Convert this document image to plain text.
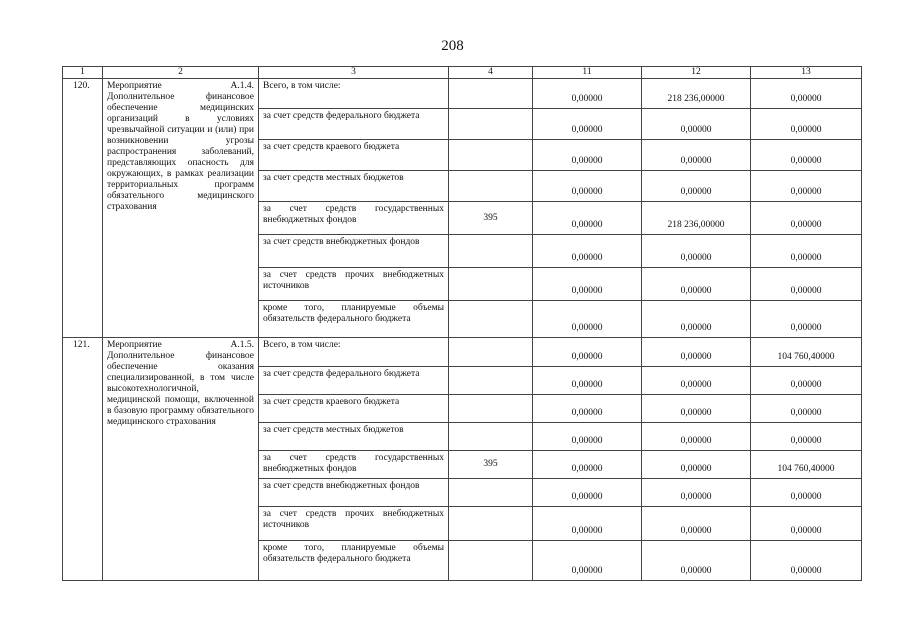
208
1	2	3	4	11	12	13
120.	Мероприятие А.1.4. Дополнительное финансовое обеспечение медицинских организаций в условиях чрезвычайной ситуации и (или) при возникновении угрозы распространения заболеваний, представляющих опасность для окружающих, в рамках реализации территориальных программ обязательного медицинского страхования	Всего, в том числе:		0,00000	218 236,00000	0,00000
		за счет средств федерального бюджета		0,00000	0,00000	0,00000
		за счет средств краевого бюджета		0,00000	0,00000	0,00000
		за счет средств местных бюджетов		0,00000	0,00000	0,00000
		за счет средств государственных внебюджетных фондов	395	0,00000	218 236,00000	0,00000
		за счет средств внебюджетных фондов		0,00000	0,00000	0,00000
		за счет средств прочих внебюджетных источников		0,00000	0,00000	0,00000
		кроме того, планируемые объемы обязательств федерального бюджета		0,00000	0,00000	0,00000
121.	Мероприятие А.1.5. Дополнительное финансовое обеспечение оказания специализированной, в том числе высокотехнологичной, медицинской помощи, включенной в базовую программу обязательного медицинского страхования	Всего, в том числе:		0,00000	0,00000	104 760,40000
		за счет средств федерального бюджета		0,00000	0,00000	0,00000
		за счет средств краевого бюджета		0,00000	0,00000	0,00000
		за счет средств местных бюджетов		0,00000	0,00000	0,00000
		за счет средств государственных внебюджетных фондов	395	0,00000	0,00000	104 760,40000
		за счет средств внебюджетных фондов		0,00000	0,00000	0,00000
		за счет средств прочих внебюджетных источников		0,00000	0,00000	0,00000
		кроме того, планируемые объемы обязательств федерального бюджета		0,00000	0,00000	0,00000
